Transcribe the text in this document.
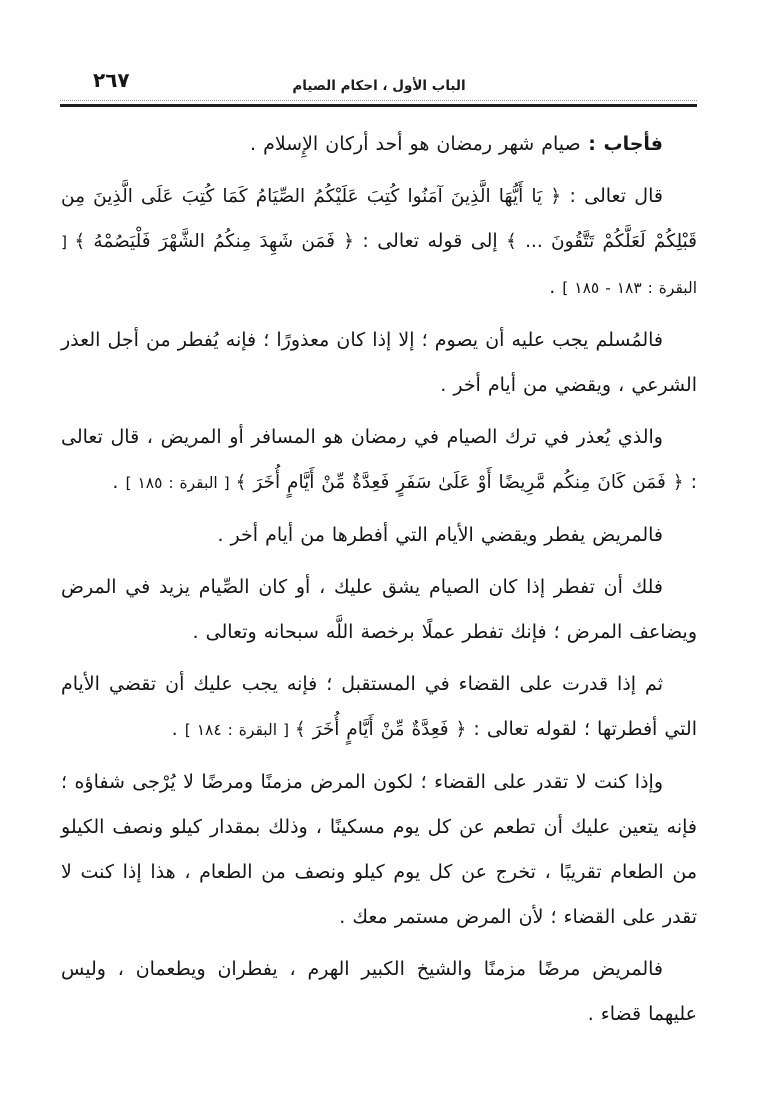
٢٦٧	الباب الأول ، احكام الصيام

فأجاب : صيام شهر رمضان هو أحد أركان الإِسلام .

قال تعالى : ﴿ يَا أَيُّهَا الَّذِينَ آمَنُوا كُتِبَ عَلَيْكُمُ الصِّيَامُ كَمَا كُتِبَ عَلَى الَّذِينَ مِن قَبْلِكُمْ لَعَلَّكُمْ تَتَّقُونَ ... ﴾ إلى قوله تعالى : ﴿ فَمَن شَهِدَ مِنكُمُ الشَّهْرَ فَلْيَصُمْهُ ﴾ [ البقرة : ١٨٣ - ١٨٥ ] .

فالمُسلم يجب عليه أن يصوم ؛ إلا إذا كان معذورًا ؛ فإنه يُفطر من أجل العذر الشرعي ، ويقضي من أيام أخر .

والذي يُعذر في ترك الصيام في رمضان هو المسافر أو المريض ، قال تعالى : ﴿ فَمَن كَانَ مِنكُم مَّرِيضًا أَوْ عَلَىٰ سَفَرٍ فَعِدَّةٌ مِّنْ أَيَّامٍ أُخَرَ ﴾ [ البقرة : ١٨٥ ] .

فالمريض يفطر ويقضي الأيام التي أفطرها من أيام أخر .

فلك أن تفطر إذا كان الصيام يشق عليك ، أو كان الصِّيام يزيد في المرض ويضاعف المرض ؛ فإنك تفطر عملًا برخصة اللَّه سبحانه وتعالى .

ثم إذا قدرت على القضاء في المستقبل ؛ فإنه يجب عليك أن تقضي الأيام التي أفطرتها ؛ لقوله تعالى : ﴿ فَعِدَّةٌ مِّنْ أَيَّامٍ أُخَرَ ﴾ [ البقرة : ١٨٤ ] .

وإذا كنت لا تقدر على القضاء ؛ لكون المرض مزمنًا ومرضًا لا يُرْجى شفاؤه ؛ فإنه يتعين عليك أن تطعم عن كل يوم مسكينًا ، وذلك بمقدار كيلو ونصف الكيلو من الطعام تقريبًا ، تخرج عن كل يوم كيلو ونصف من الطعام ، هذا إذا كنت لا تقدر على القضاء ؛ لأن المرض مستمر معك .

فالمريض مرضًا مزمنًا والشيخ الكبير الهرم ، يفطران ويطعمان ، وليس عليهما قضاء .
